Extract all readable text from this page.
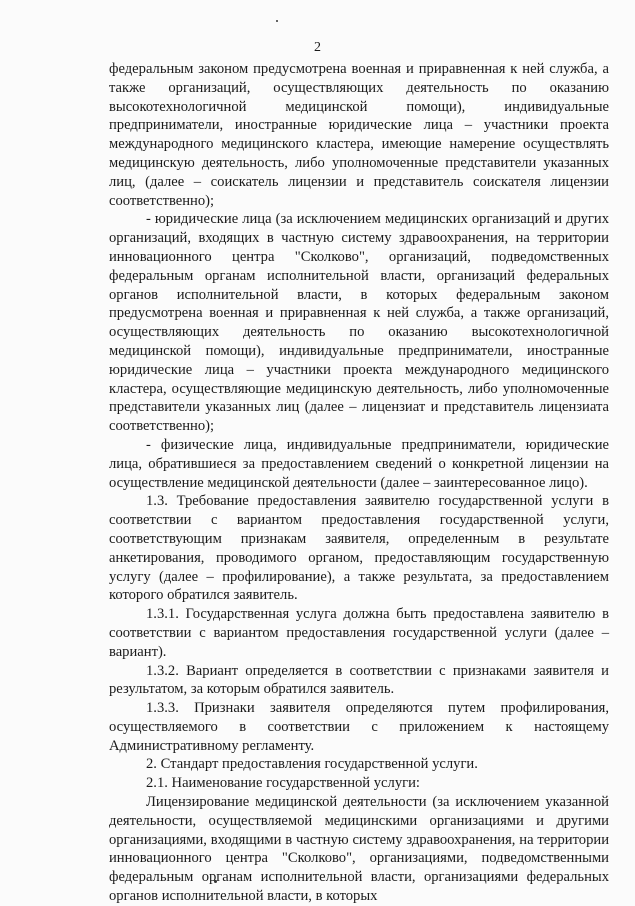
2

федеральным законом предусмотрена военная и приравненная к ней служба, а также организаций, осуществляющих деятельность по оказанию высокотехнологичной медицинской помощи), индивидуальные предприниматели, иностранные юридические лица – участники проекта международного медицинского кластера, имеющие намерение осуществлять медицинскую деятельность, либо уполномоченные представители указанных лиц, (далее – соискатель лицензии и представитель соискателя лицензии соответственно);

- юридические лица (за исключением медицинских организаций и других организаций, входящих в частную систему здравоохранения, на территории инновационного центра "Сколково", организаций, подведомственных федеральным органам исполнительной власти, организаций федеральных органов исполнительной власти, в которых федеральным законом предусмотрена военная и приравненная к ней служба, а также организаций, осуществляющих деятельность по оказанию высокотехнологичной медицинской помощи), индивидуальные предприниматели, иностранные юридические лица – участники проекта международного медицинского кластера, осуществляющие медицинскую деятельность, либо уполномоченные представители указанных лиц (далее – лицензиат и представитель лицензиата соответственно);

- физические лица, индивидуальные предприниматели, юридические лица, обратившиеся за предоставлением сведений о конкретной лицензии на осуществление медицинской деятельности (далее – заинтересованное лицо).

1.3. Требование предоставления заявителю государственной услуги в соответствии с вариантом предоставления государственной услуги, соответствующим признакам заявителя, определенным в результате анкетирования, проводимого органом, предоставляющим государственную услугу (далее – профилирование), а также результата, за предоставлением которого обратился заявитель.

1.3.1. Государственная услуга должна быть предоставлена заявителю в соответствии с вариантом предоставления государственной услуги (далее – вариант).

1.3.2. Вариант определяется в соответствии с признаками заявителя и результатом, за которым обратился заявитель.

1.3.3. Признаки заявителя определяются путем профилирования, осуществляемого в соответствии с приложением к настоящему Административному регламенту.

2. Стандарт предоставления государственной услуги.

2.1. Наименование государственной услуги:

Лицензирование медицинской деятельности (за исключением указанной деятельности, осуществляемой медицинскими организациями и другими организациями, входящими в частную систему здравоохранения, на территории инновационного центра "Сколково", организациями, подведомственными федеральным органам исполнительной власти, организациями федеральных органов исполнительной власти, в которых
